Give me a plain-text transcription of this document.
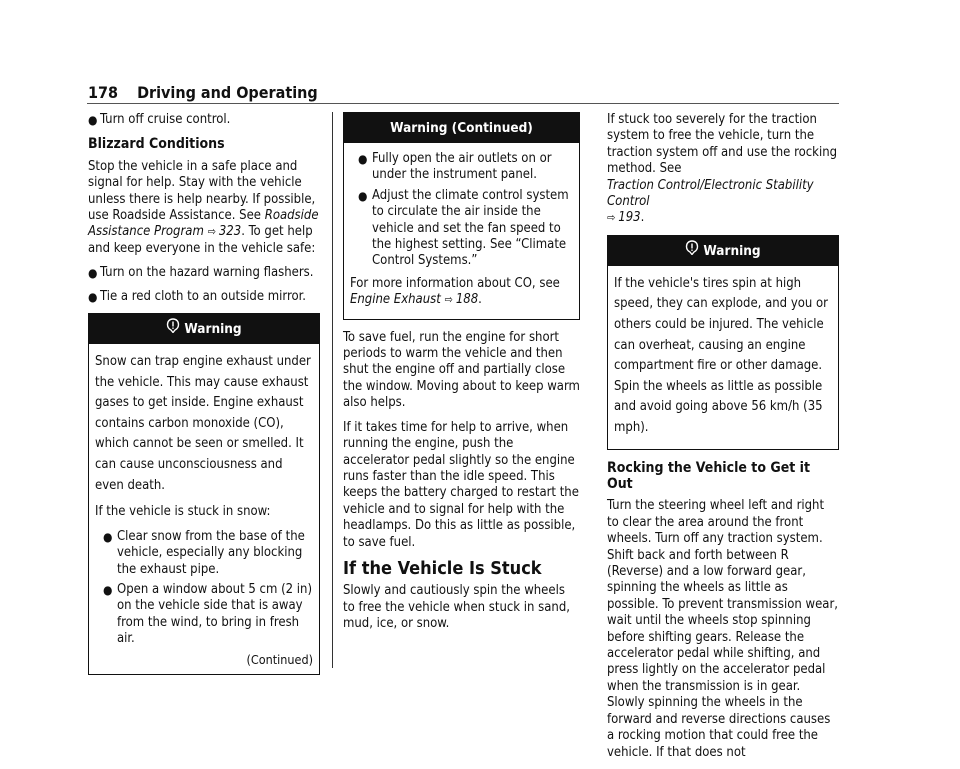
178 Driving and Operating
● Turn off cruise control.
Blizzard Conditions

Stop the vehicle in a safe place and signal for help. Stay with the vehicle unless there is help nearby. If possible, use Roadside Assistance. See Roadside Assistance Program ⇨ 323. To get help and keep everyone in the vehicle safe:

● Turn on the hazard warning flashers.
● Tie a red cloth to an outside mirror.
Warning

Snow can trap engine exhaust under the vehicle. This may cause exhaust gases to get inside. Engine exhaust contains carbon monoxide (CO), which cannot be seen or smelled. It can cause unconsciousness and even death.

If the vehicle is stuck in snow:

● Clear snow from the base of the vehicle, especially any blocking the exhaust pipe.
● Open a window about 5 cm (2 in) on the vehicle side that is away from the wind, to bring in fresh air.
(Continued)
Warning (Continued)
● Fully open the air outlets on or under the instrument panel.
● Adjust the climate control system to circulate the air inside the vehicle and set the fan speed to the highest setting. See “Climate Control Systems.”

For more information about CO, see
Engine Exhaust ⇨ 188.

To save fuel, run the engine for short periods to warm the vehicle and then shut the engine off and partially close the window. Moving about to keep warm also helps.

If it takes time for help to arrive, when running the engine, push the accelerator pedal slightly so the engine runs faster than the idle speed. This keeps the battery charged to restart the vehicle and to signal for help with the headlamps. Do this as little as possible, to save fuel.

If the Vehicle Is Stuck

Slowly and cautiously spin the wheels to free the vehicle when stuck in sand, mud, ice, or snow.

If stuck too severely for the traction system to free the vehicle, turn the traction system off and use the rocking method. See
Traction Control/Electronic Stability Control
⇨ 193.

Warning

If the vehicle's tires spin at high speed, they can explode, and you or others could be injured. The vehicle can overheat, causing an engine compartment fire or other damage. Spin the wheels as little as possible and avoid going above 56 km/h (35 mph).

Rocking the Vehicle to Get it Out

Turn the steering wheel left and right to clear the area around the front wheels. Turn off any traction system. Shift back and forth between R (Reverse) and a low forward gear, spinning the wheels as little as possible. To prevent transmission wear, wait until the wheels stop spinning before shifting gears. Release the accelerator pedal while shifting, and press lightly on the accelerator pedal when the transmission is in gear. Slowly spinning the wheels in the forward and reverse directions causes a rocking motion that could free the vehicle. If that does not
